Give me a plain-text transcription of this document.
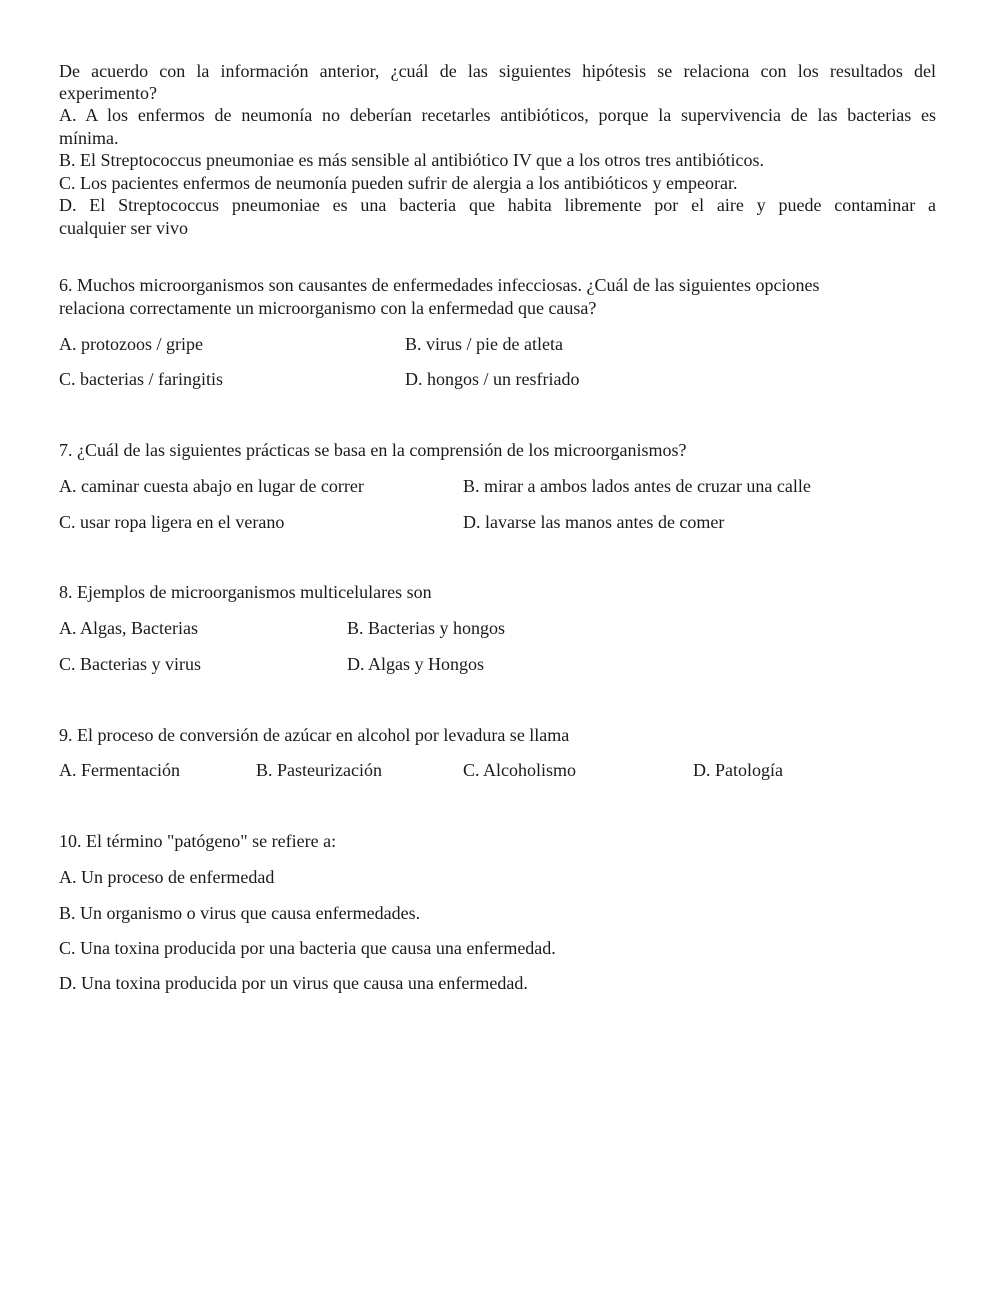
De acuerdo con la información anterior, ¿cuál de las siguientes hipótesis se relaciona con los resultados del
experimento?
A. A los enfermos de neumonía no deberían recetarles antibióticos, porque la supervivencia de las bacterias es
mínima.
B. El Streptococcus pneumoniae es más sensible al antibiótico IV que a los otros tres antibióticos.
C. Los pacientes enfermos de neumonía pueden sufrir de alergia a los antibióticos y empeorar.
D. El Streptococcus pneumoniae es una bacteria que habita libremente por el aire y puede contaminar a
cualquier ser vivo
6. Muchos microorganismos son causantes de enfermedades infecciosas. ¿Cuál de las siguientes opciones
relaciona correctamente un microorganismo con la enfermedad que causa?
A. protozoos / gripe	B. virus / pie de atleta
C. bacterias / faringitis	D. hongos / un resfriado
7. ¿Cuál de las siguientes prácticas se basa en la comprensión de los microorganismos?
A. caminar cuesta abajo en lugar de correr	B. mirar a ambos lados antes de cruzar una calle
C. usar ropa ligera en el verano	D. lavarse las manos antes de comer
8. Ejemplos de microorganismos multicelulares son
A. Algas, Bacterias	B. Bacterias y hongos
C. Bacterias y virus	D. Algas y Hongos
9. El proceso de conversión de azúcar en alcohol por levadura se llama
A. Fermentación	B. Pasteurización	C. Alcoholismo	D. Patología
10. El término "patógeno" se refiere a:
A. Un proceso de enfermedad
B. Un organismo o virus que causa enfermedades.
C. Una toxina producida por una bacteria que causa una enfermedad.
D. Una toxina producida por un virus que causa una enfermedad.
